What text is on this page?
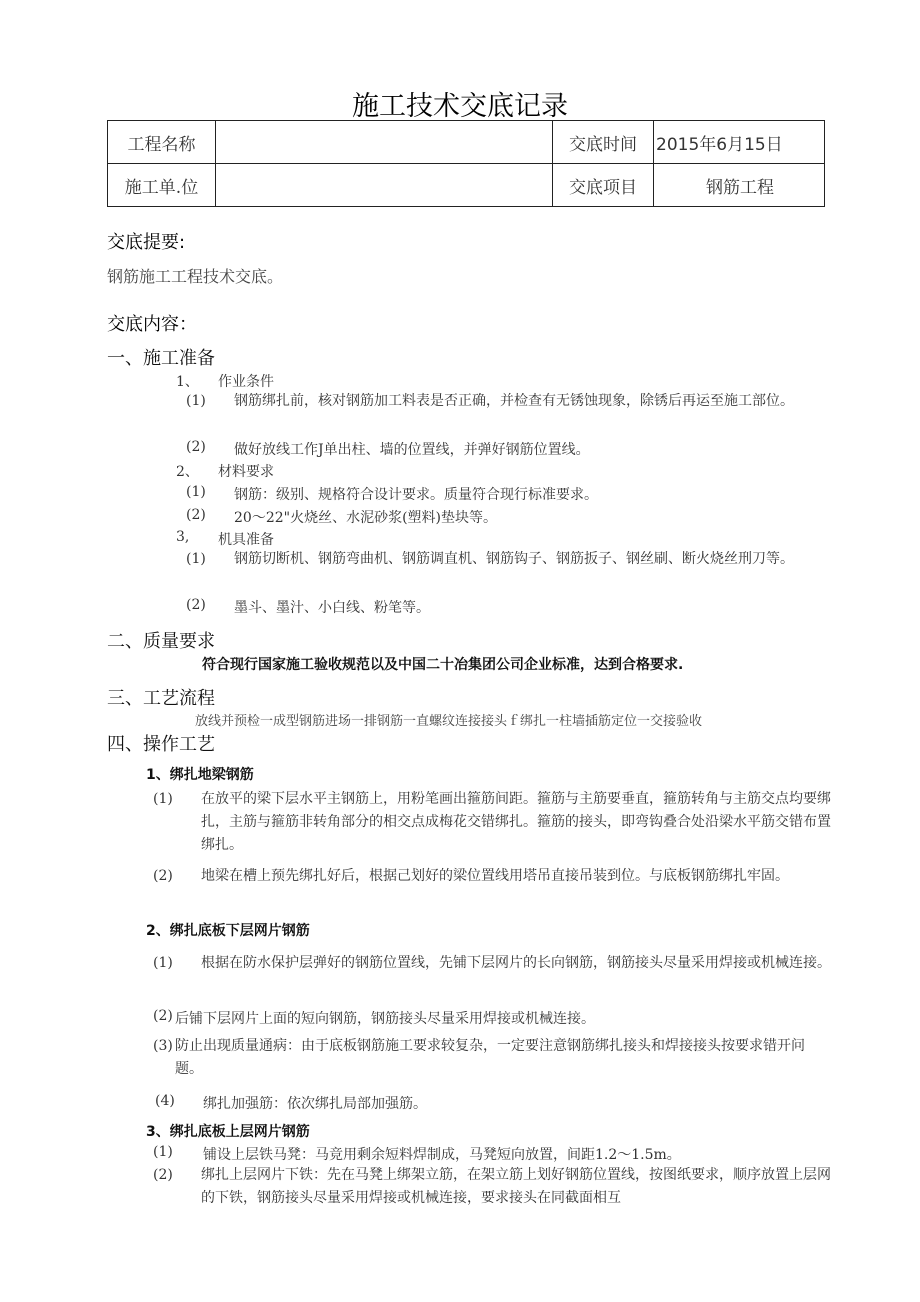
施工技术交底记录
工程名称		交底时间	2015年6月15日
施工单.位		交底项目	钢筋工程
交底提要:
钢筋施工工程技术交底。
交底内容：
一、施工准备
1、 作业条件
(1) 钢筋绑扎前，核对钢筋加工料表是否正确，并检查有无锈蚀现象，除锈后再运至施工部位。
(2) 做好放线工作J单出柱、墙的位置线，并弹好钢筋位置线。
2、 材料要求
(1) 钢筋：级别、规格符合设计要求。质量符合现行标准要求。
(2) 20〜22"火烧丝、水泥砂浆(塑料)垫块等。
3, 机具准备
(1) 钢筋切断机、钢筋弯曲机、钢筋调直机、钢筋钩子、钢筋扳子、钢丝刷、断火烧丝刑刀等。
(2) 墨斗、墨汁、小白线、粉笔等。
二、质量要求
符合现行国家施工验收规范以及中国二十冶集团公司企业标准，达到合格要求.
三、工艺流程
放线并预检一成型钢筋进场一排钢筋一直螺纹连接接头ｆ绑扎一柱墙插筋定位一交接验收
四、操作工艺
1、绑扎地梁钢筋
(1) 在放平的梁下层水平主钢筋上，用粉笔画出箍筋间距。箍筋与主筋要垂直，箍筋转角与主筋交点均要绑扎，主筋与箍筋非转角部分的相交点成梅花交错绑扎。箍筋的接头，即弯钩叠合处沿梁水平筋交错布置绑扎。
(2) 地梁在槽上预先绑扎好后，根据己划好的梁位置线用塔吊直接吊装到位。与底板钢筋绑扎牢固。
2、绑扎底板下层网片钢筋
(1) 根据在防水保护层弹好的钢筋位置线，先铺下层网片的长向钢筋，钢筋接头尽量采用焊接或机械连接。
(2) 后铺下层网片上面的短向钢筋，钢筋接头尽量采用焊接或机械连接。
(3) 防止出现质量通病：由于底板钢筋施工要求较复杂，一定要注意钢筋绑扎接头和焊接接头按要求错开问题。
(4) 绑扎加强筋：依次绑扎局部加强筋。
3、绑扎底板上层网片钢筋
(1) 铺设上层铁马凳：马竞用剩余短料焊制成，马凳短向放置，间距1.2〜1.5m。
(2) 绑扎上层网片下铁：先在马凳上绑架立筋，在架立筋上划好钢筋位置线，按图纸要求，顺序放置上层网的下铁，钢筋接头尽量采用焊接或机械连接，要求接头在同截面相互
